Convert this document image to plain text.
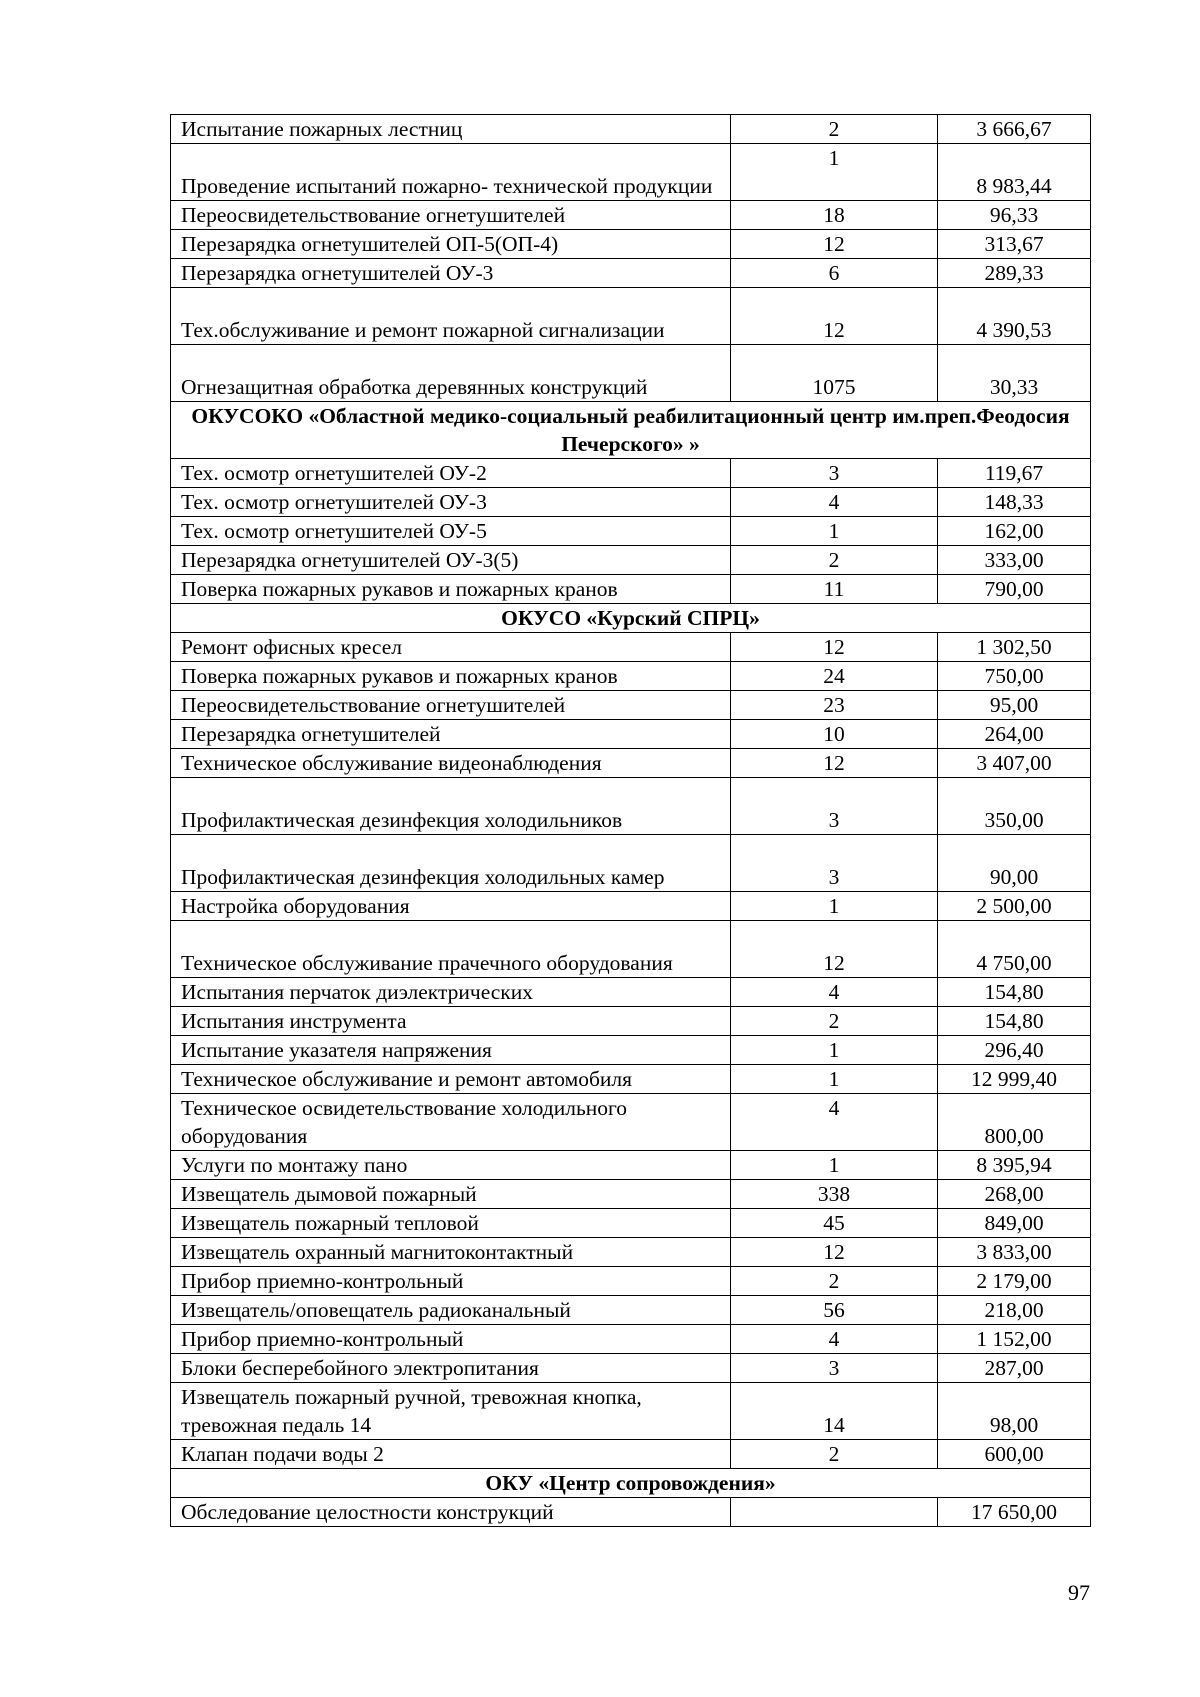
Испытание пожарных лестниц	2	3 666,67
Проведение испытаний пожарно- технической продукции	1	8 983,44
Переосвидетельствование огнетушителей	18	96,33
Перезарядка огнетушителей ОП-5(ОП-4)	12	313,67
Перезарядка огнетушителей ОУ-3	6	289,33
Тех.обслуживание и ремонт пожарной сигнализации	12	4 390,53
Огнезащитная обработка деревянных конструкций	1075	30,33
ОКУСОКО «Областной медико-социальный реабилитационный центр им.преп.Феодосия Печерского» »		
Тех. осмотр огнетушителей ОУ-2	3	119,67
Тех. осмотр огнетушителей ОУ-3	4	148,33
Тех. осмотр огнетушителей ОУ-5	1	162,00
Перезарядка огнетушителей ОУ-3(5)	2	333,00
Поверка пожарных рукавов и пожарных кранов	11	790,00
ОКУСО «Курский СПРЦ»		
Ремонт офисных кресел	12	1 302,50
Поверка пожарных рукавов и пожарных кранов	24	750,00
Переосвидетельствование огнетушителей	23	95,00
Перезарядка огнетушителей	10	264,00
Техническое обслуживание видеонаблюдения	12	3 407,00
Профилактическая дезинфекция холодильников	3	350,00
Профилактическая дезинфекция холодильных камер	3	90,00
Настройка оборудования	1	2 500,00
Техническое обслуживание прачечного оборудования	12	4 750,00
Испытания перчаток диэлектрических	4	154,80
Испытания инструмента	2	154,80
Испытание указателя напряжения	1	296,40
Техническое обслуживание и ремонт автомобиля	1	12 999,40
Техническое освидетельствование холодильного оборудования	4	800,00
Услуги по монтажу пано	1	8 395,94
Извещатель дымовой пожарный	338	268,00
Извещатель пожарный тепловой	45	849,00
Извещатель охранный магнитоконтактный	12	3 833,00
Прибор приемно-контрольный	2	2 179,00
Извещатель/оповещатель радиоканальный	56	218,00
Прибор приемно-контрольный	4	1 152,00
Блоки бесперебойного электропитания	3	287,00
Извещатель пожарный ручной, тревожная кнопка, тревожная педаль 14	14	98,00
Клапан подачи воды 2	2	600,00
ОКУ «Центр сопровождения»		
Обследование целостности конструкций		17 650,00
97
